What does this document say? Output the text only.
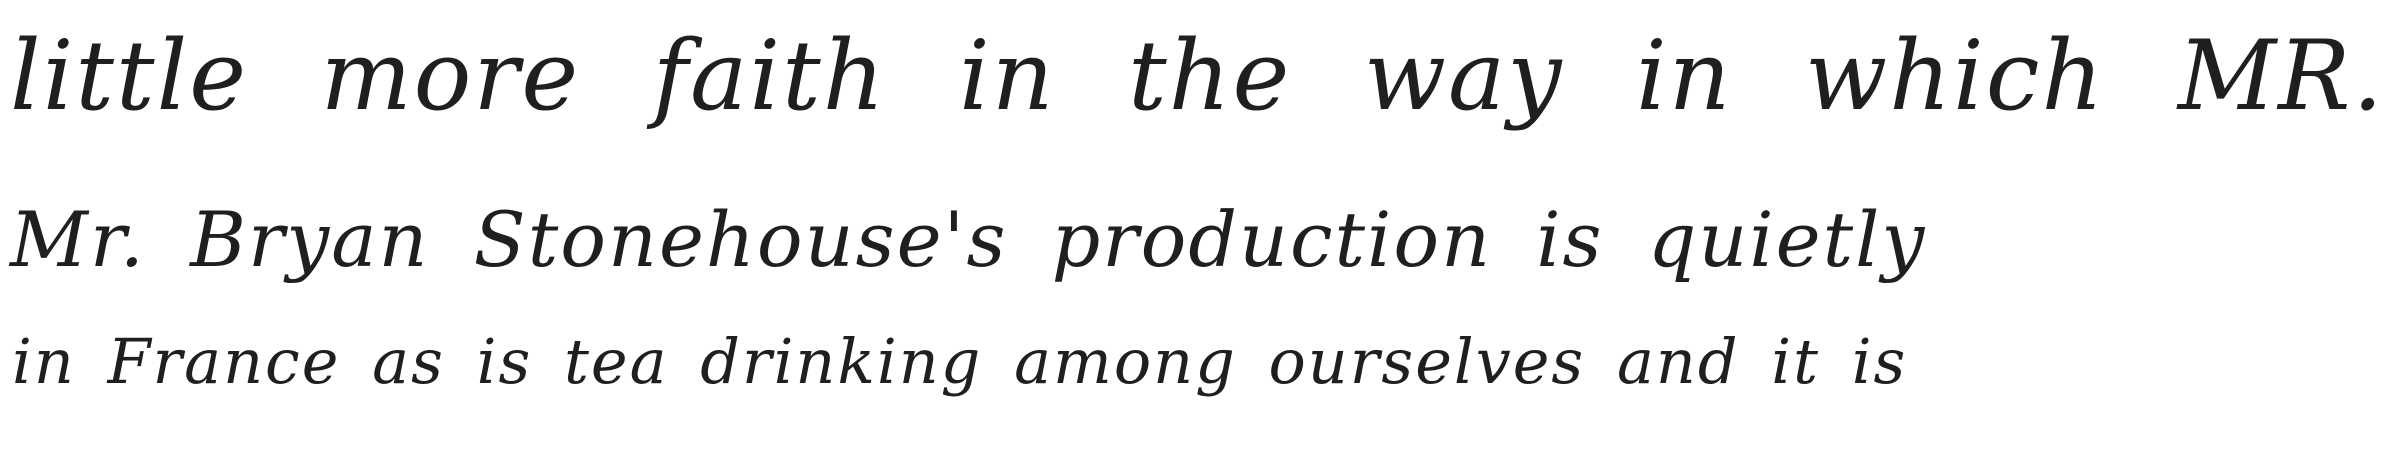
little more faith in the way in which MR.
Mr. Bryan Stonehouse's production is quietly
in France as is tea drinking among ourselves and it is
